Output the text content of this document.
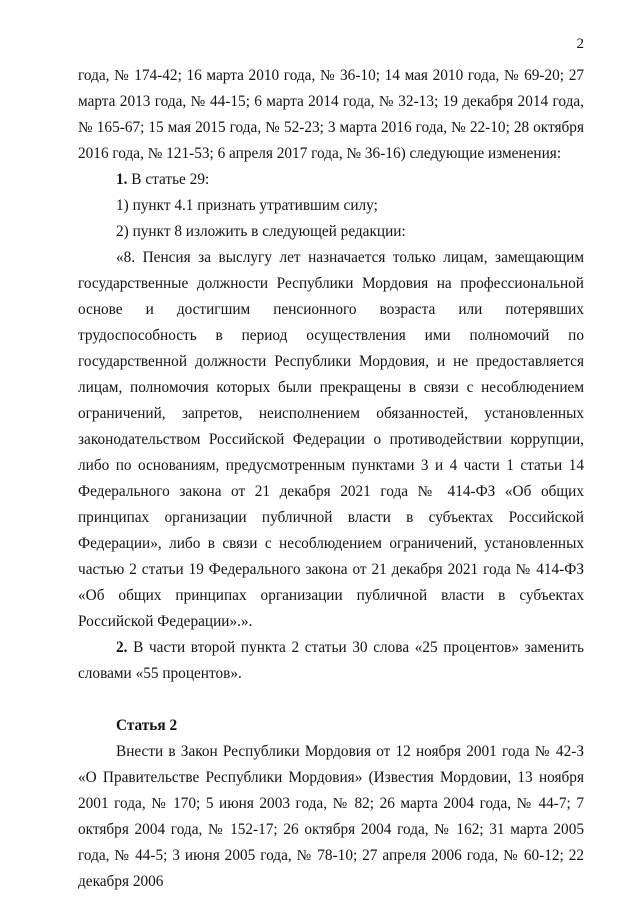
2

года, № 174-42; 16 марта 2010 года, № 36-10; 14 мая 2010 года, № 69-20; 27 марта 2013 года, № 44-15; 6 марта 2014 года, № 32-13; 19 декабря 2014 года, № 165-67; 15 мая 2015 года, № 52-23; 3 марта 2016 года, № 22-10; 28 октября 2016 года, № 121-53; 6 апреля 2017 года, № 36-16) следующие изменения:

1. В статье 29:

1) пункт 4.1 признать утратившим силу;

2) пункт 8 изложить в следующей редакции:

«8. Пенсия за выслугу лет назначается только лицам, замещающим государственные должности Республики Мордовия на профессиональной основе и достигшим пенсионного возраста или потерявших трудоспособность в период осуществления ими полномочий по государственной должности Республики Мордовия, и не предоставляется лицам, полномочия которых были прекращены в связи с несоблюдением ограничений, запретов, неисполнением обязанностей, установленных законодательством Российской Федерации о противодействии коррупции, либо по основаниям, предусмотренным пунктами 3 и 4 части 1 статьи 14 Федерального закона от 21 декабря 2021 года № 414-ФЗ «Об общих принципах организации публичной власти в субъектах Российской Федерации», либо в связи с несоблюдением ограничений, установленных частью 2 статьи 19 Федерального закона от 21 декабря 2021 года № 414-ФЗ «Об общих принципах организации публичной власти в субъектах Российской Федерации».».

2. В части второй пункта 2 статьи 30 слова «25 процентов» заменить словами «55 процентов».

Статья 2

Внести в Закон Республики Мордовия от 12 ноября 2001 года № 42-З «О Правительстве Республики Мордовия» (Известия Мордовии, 13 ноября 2001 года, № 170; 5 июня 2003 года, № 82; 26 марта 2004 года, № 44-7; 7 октября 2004 года, № 152-17; 26 октября 2004 года, № 162; 31 марта 2005 года, № 44-5; 3 июня 2005 года, № 78-10; 27 апреля 2006 года, № 60-12; 22 декабря 2006
